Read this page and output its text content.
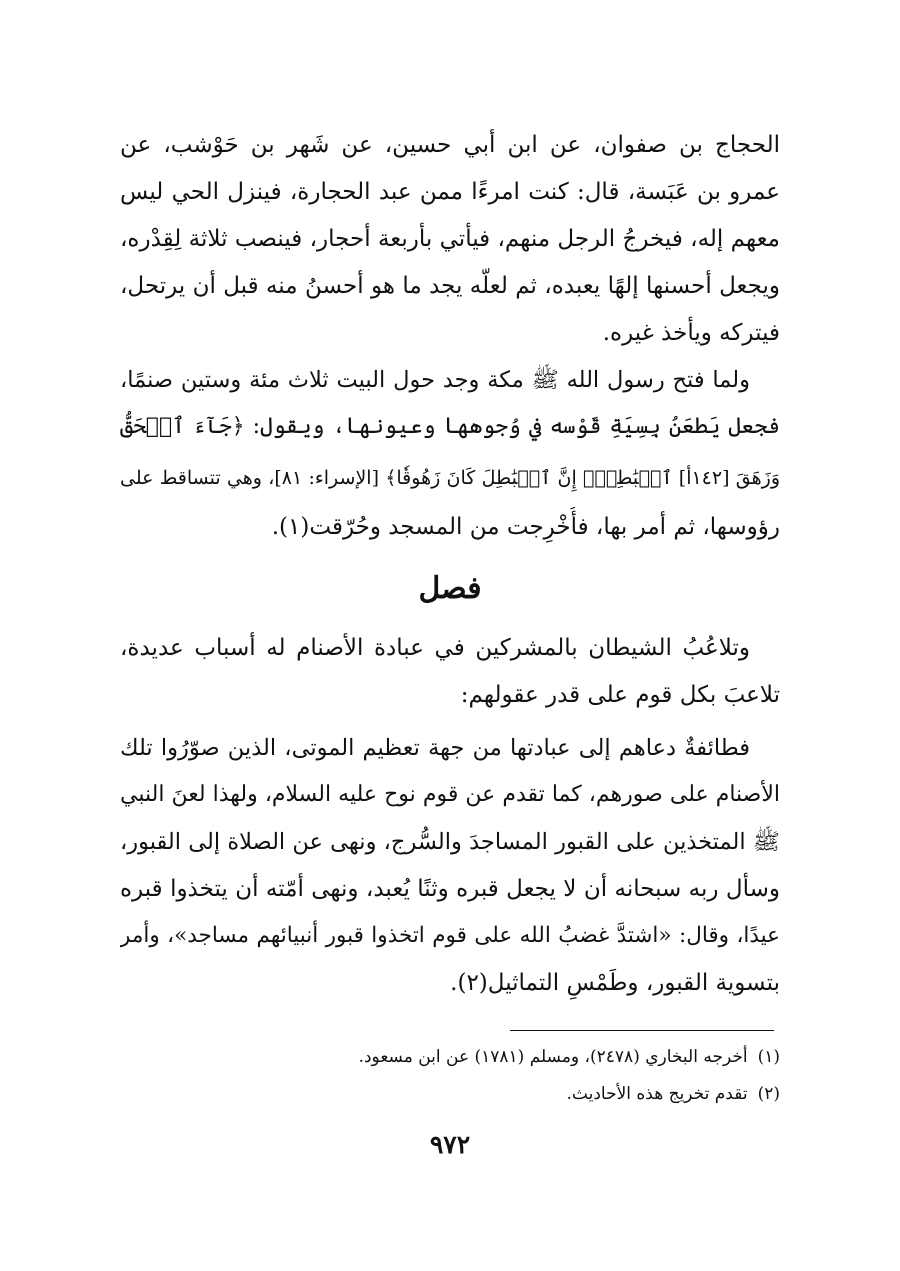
الحجاج بن صفوان، عن ابن أبي حسين، عن شَهر بن حَوْشب، عن
عمرو بن عَبَسة، قال: كنت امرءًا ممن عبد الحجارة، فينزل الحي ليس
معهم إله، فيخرجُ الرجل منهم، فيأتي بأربعة أحجار، فينصب ثلاثة لِقِدْره،
ويجعل أحسنها إلهًا يعبده، ثم لعلّه يجد ما هو أحسنُ منه قبل أن يرتحل،
فيتركه ويأخذ غيره.
ولما فتح رسول الله ﷺ مكة وجد حول البيت ثلاث مئة وستين صنمًا،
فجعل يَطعَنُ بِسِيَةِ قَوْسه في وُجوهها وعيونها، ويقول: ﴿جَآءَ ٱلۡحَقُّ
وَزَهَقَ [١٤٢أ] ٱلۡبَٰطِلُۚ إِنَّ ٱلۡبَٰطِلَ كَانَ زَهُوقٗا﴾ [الإسراء: ٨١]، وهي تتساقط على
رؤوسها، ثم أمر بها، فأُخْرِجت من المسجد وحُرّقت(١).
فصل
وتلاعُبُ الشيطان بالمشركين في عبادة الأصنام له أسباب عديدة،
تلاعبَ بكل قوم على قدر عقولهم:
فطائفةٌ دعاهم إلى عبادتها من جهة تعظيم الموتى، الذين صوّرُوا تلك
الأصنام على صورهم، كما تقدم عن قوم نوح عليه السلام، ولهذا لعنَ النبي
ﷺ المتخذين على القبور المساجدَ والسُّرج، ونهى عن الصلاة إلى القبور،
وسأل ربه سبحانه أن لا يجعل قبره وثنًا يُعبد، ونهى أمّته أن يتخذوا قبره
عيدًا، وقال: «اشتدَّ غضبُ الله على قوم اتخذوا قبور أنبيائهم مساجد»، وأمر
بتسوية القبور، وطَمْسِ التماثيل(٢).
(١)أخرجه البخاري (٢٤٧٨)، ومسلم (١٧٨١) عن ابن مسعود.
(٢)تقدم تخريج هذه الأحاديث.
٩٧٢
